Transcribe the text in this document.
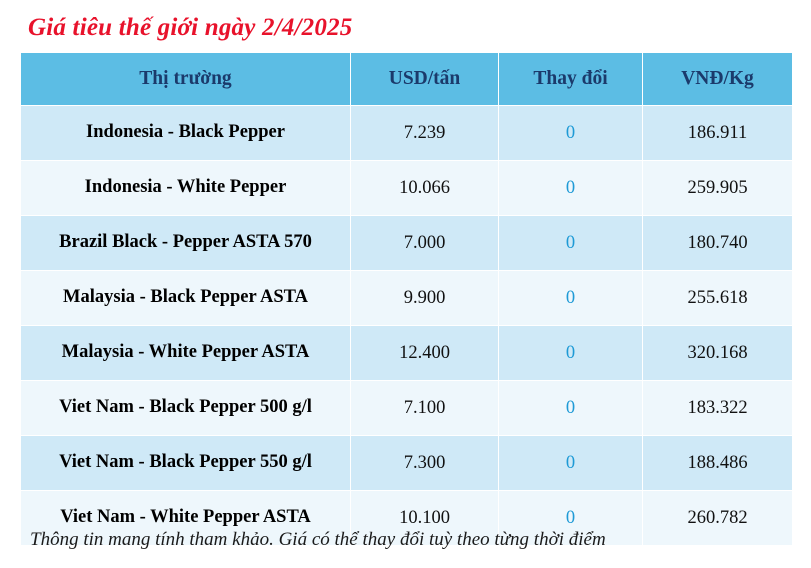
Giá tiêu thế giới ngày 2/4/2025
Thị trường	USD/tấn	Thay đổi	VNĐ/Kg
Indonesia - Black Pepper	7.239	0	186.911
Indonesia - White Pepper	10.066	0	259.905
Brazil Black - Pepper ASTA 570	7.000	0	180.740
Malaysia - Black Pepper ASTA	9.900	0	255.618
Malaysia - White Pepper ASTA	12.400	0	320.168
Viet Nam - Black Pepper 500 g/l	7.100	0	183.322
Viet Nam - Black Pepper 550 g/l	7.300	0	188.486
Viet Nam - White Pepper ASTA	10.100	0	260.782
Thông tin mang tính tham khảo. Giá có thể thay đổi tuỳ theo từng thời điểm
